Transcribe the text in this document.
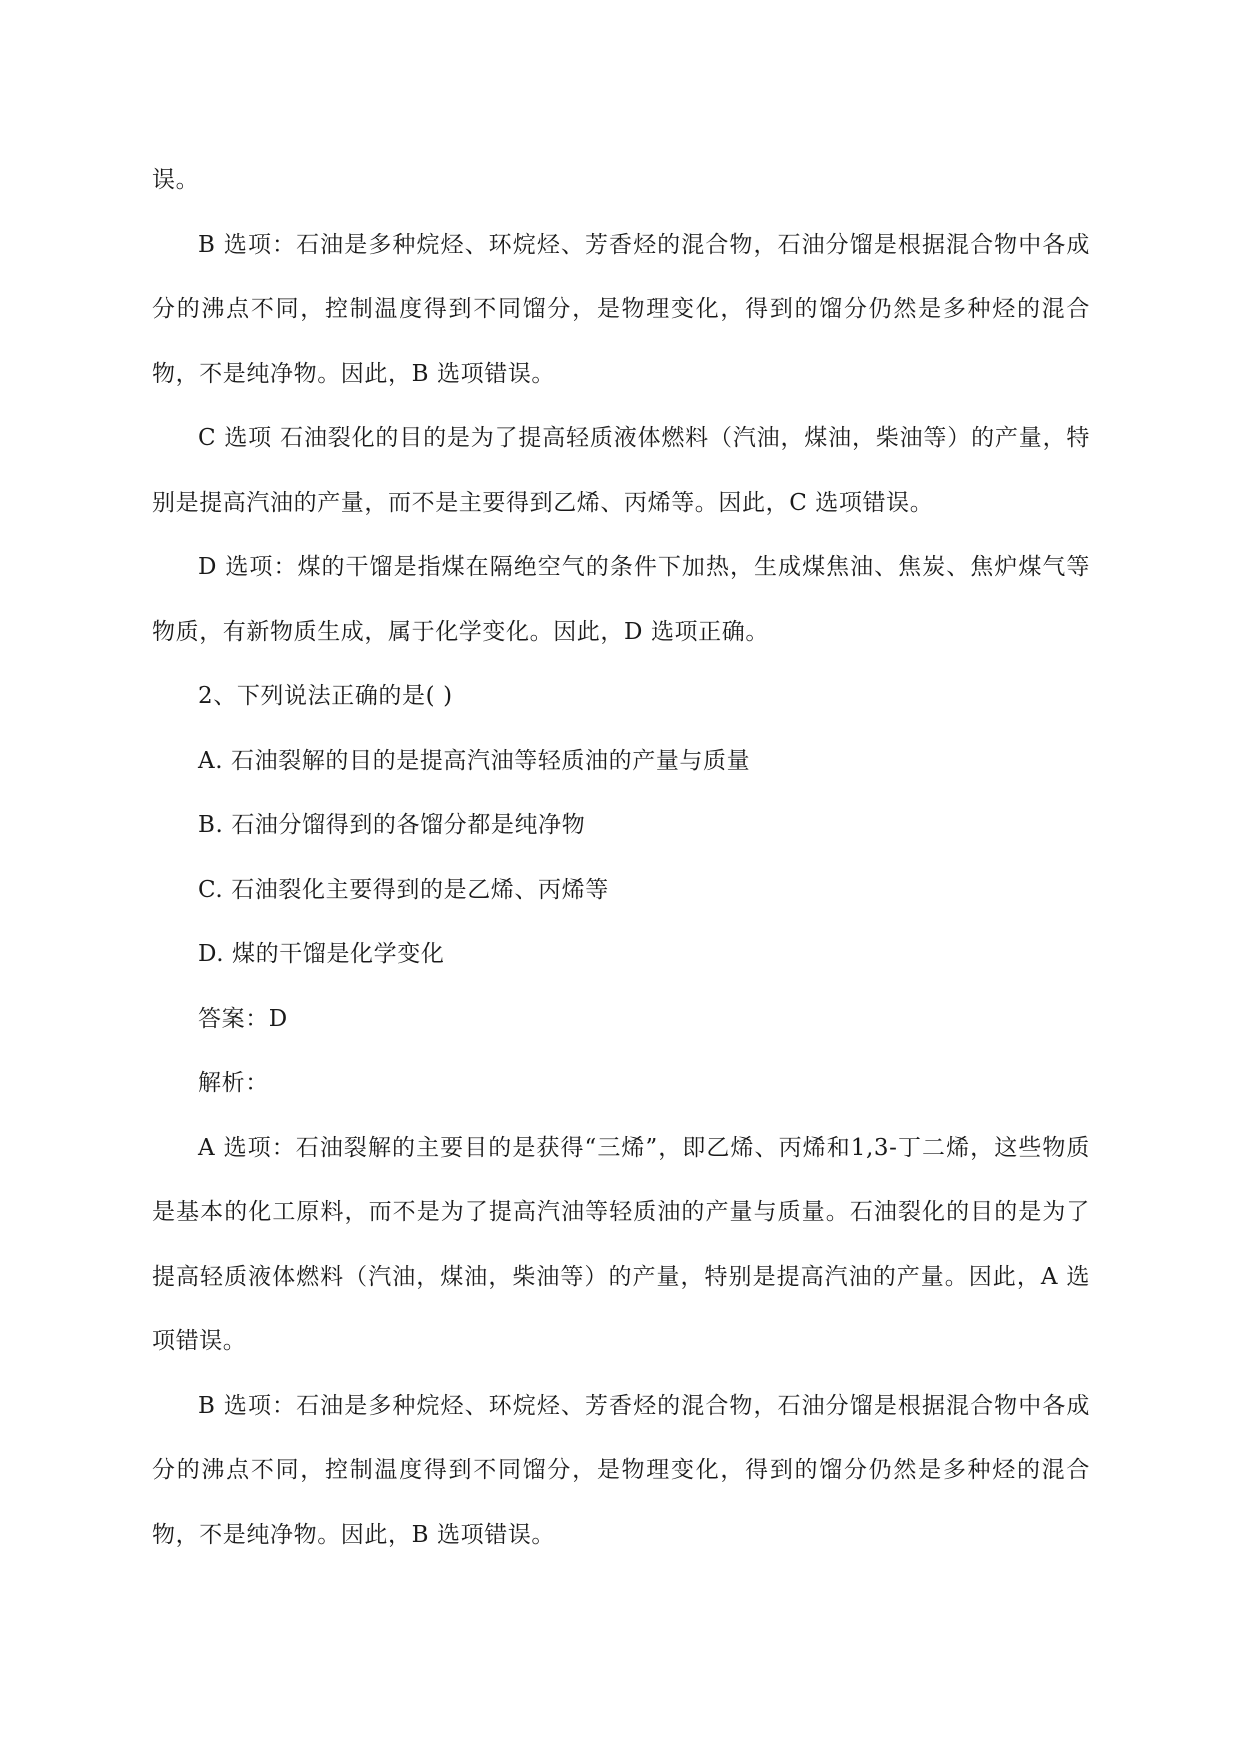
误。

B 选项：石油是多种烷烃、环烷烃、芳香烃的混合物，石油分馏是根据混合物中各成分的沸点不同，控制温度得到不同馏分，是物理变化，得到的馏分仍然是多种烃的混合物，不是纯净物。因此，B 选项错误。

C 选项 石油裂化的目的是为了提高轻质液体燃料（汽油，煤油，柴油等）的产量，特别是提高汽油的产量，而不是主要得到乙烯、丙烯等。因此，C 选项错误。

D 选项：煤的干馏是指煤在隔绝空气的条件下加热，生成煤焦油、焦炭、焦炉煤气等物质，有新物质生成，属于化学变化。因此，D 选项正确。

2、下列说法正确的是( )

A. 石油裂解的目的是提高汽油等轻质油的产量与质量

B. 石油分馏得到的各馏分都是纯净物

C. 石油裂化主要得到的是乙烯、丙烯等

D. 煤的干馏是化学变化

答案：D

解析：

A 选项：石油裂解的主要目的是获得“三烯”，即乙烯、丙烯和1,3-丁二烯，这些物质是基本的化工原料，而不是为了提高汽油等轻质油的产量与质量。石油裂化的目的是为了提高轻质液体燃料（汽油，煤油，柴油等）的产量，特别是提高汽油的产量。因此，A 选项错误。

B 选项：石油是多种烷烃、环烷烃、芳香烃的混合物，石油分馏是根据混合物中各成分的沸点不同，控制温度得到不同馏分，是物理变化，得到的馏分仍然是多种烃的混合物，不是纯净物。因此，B 选项错误。
